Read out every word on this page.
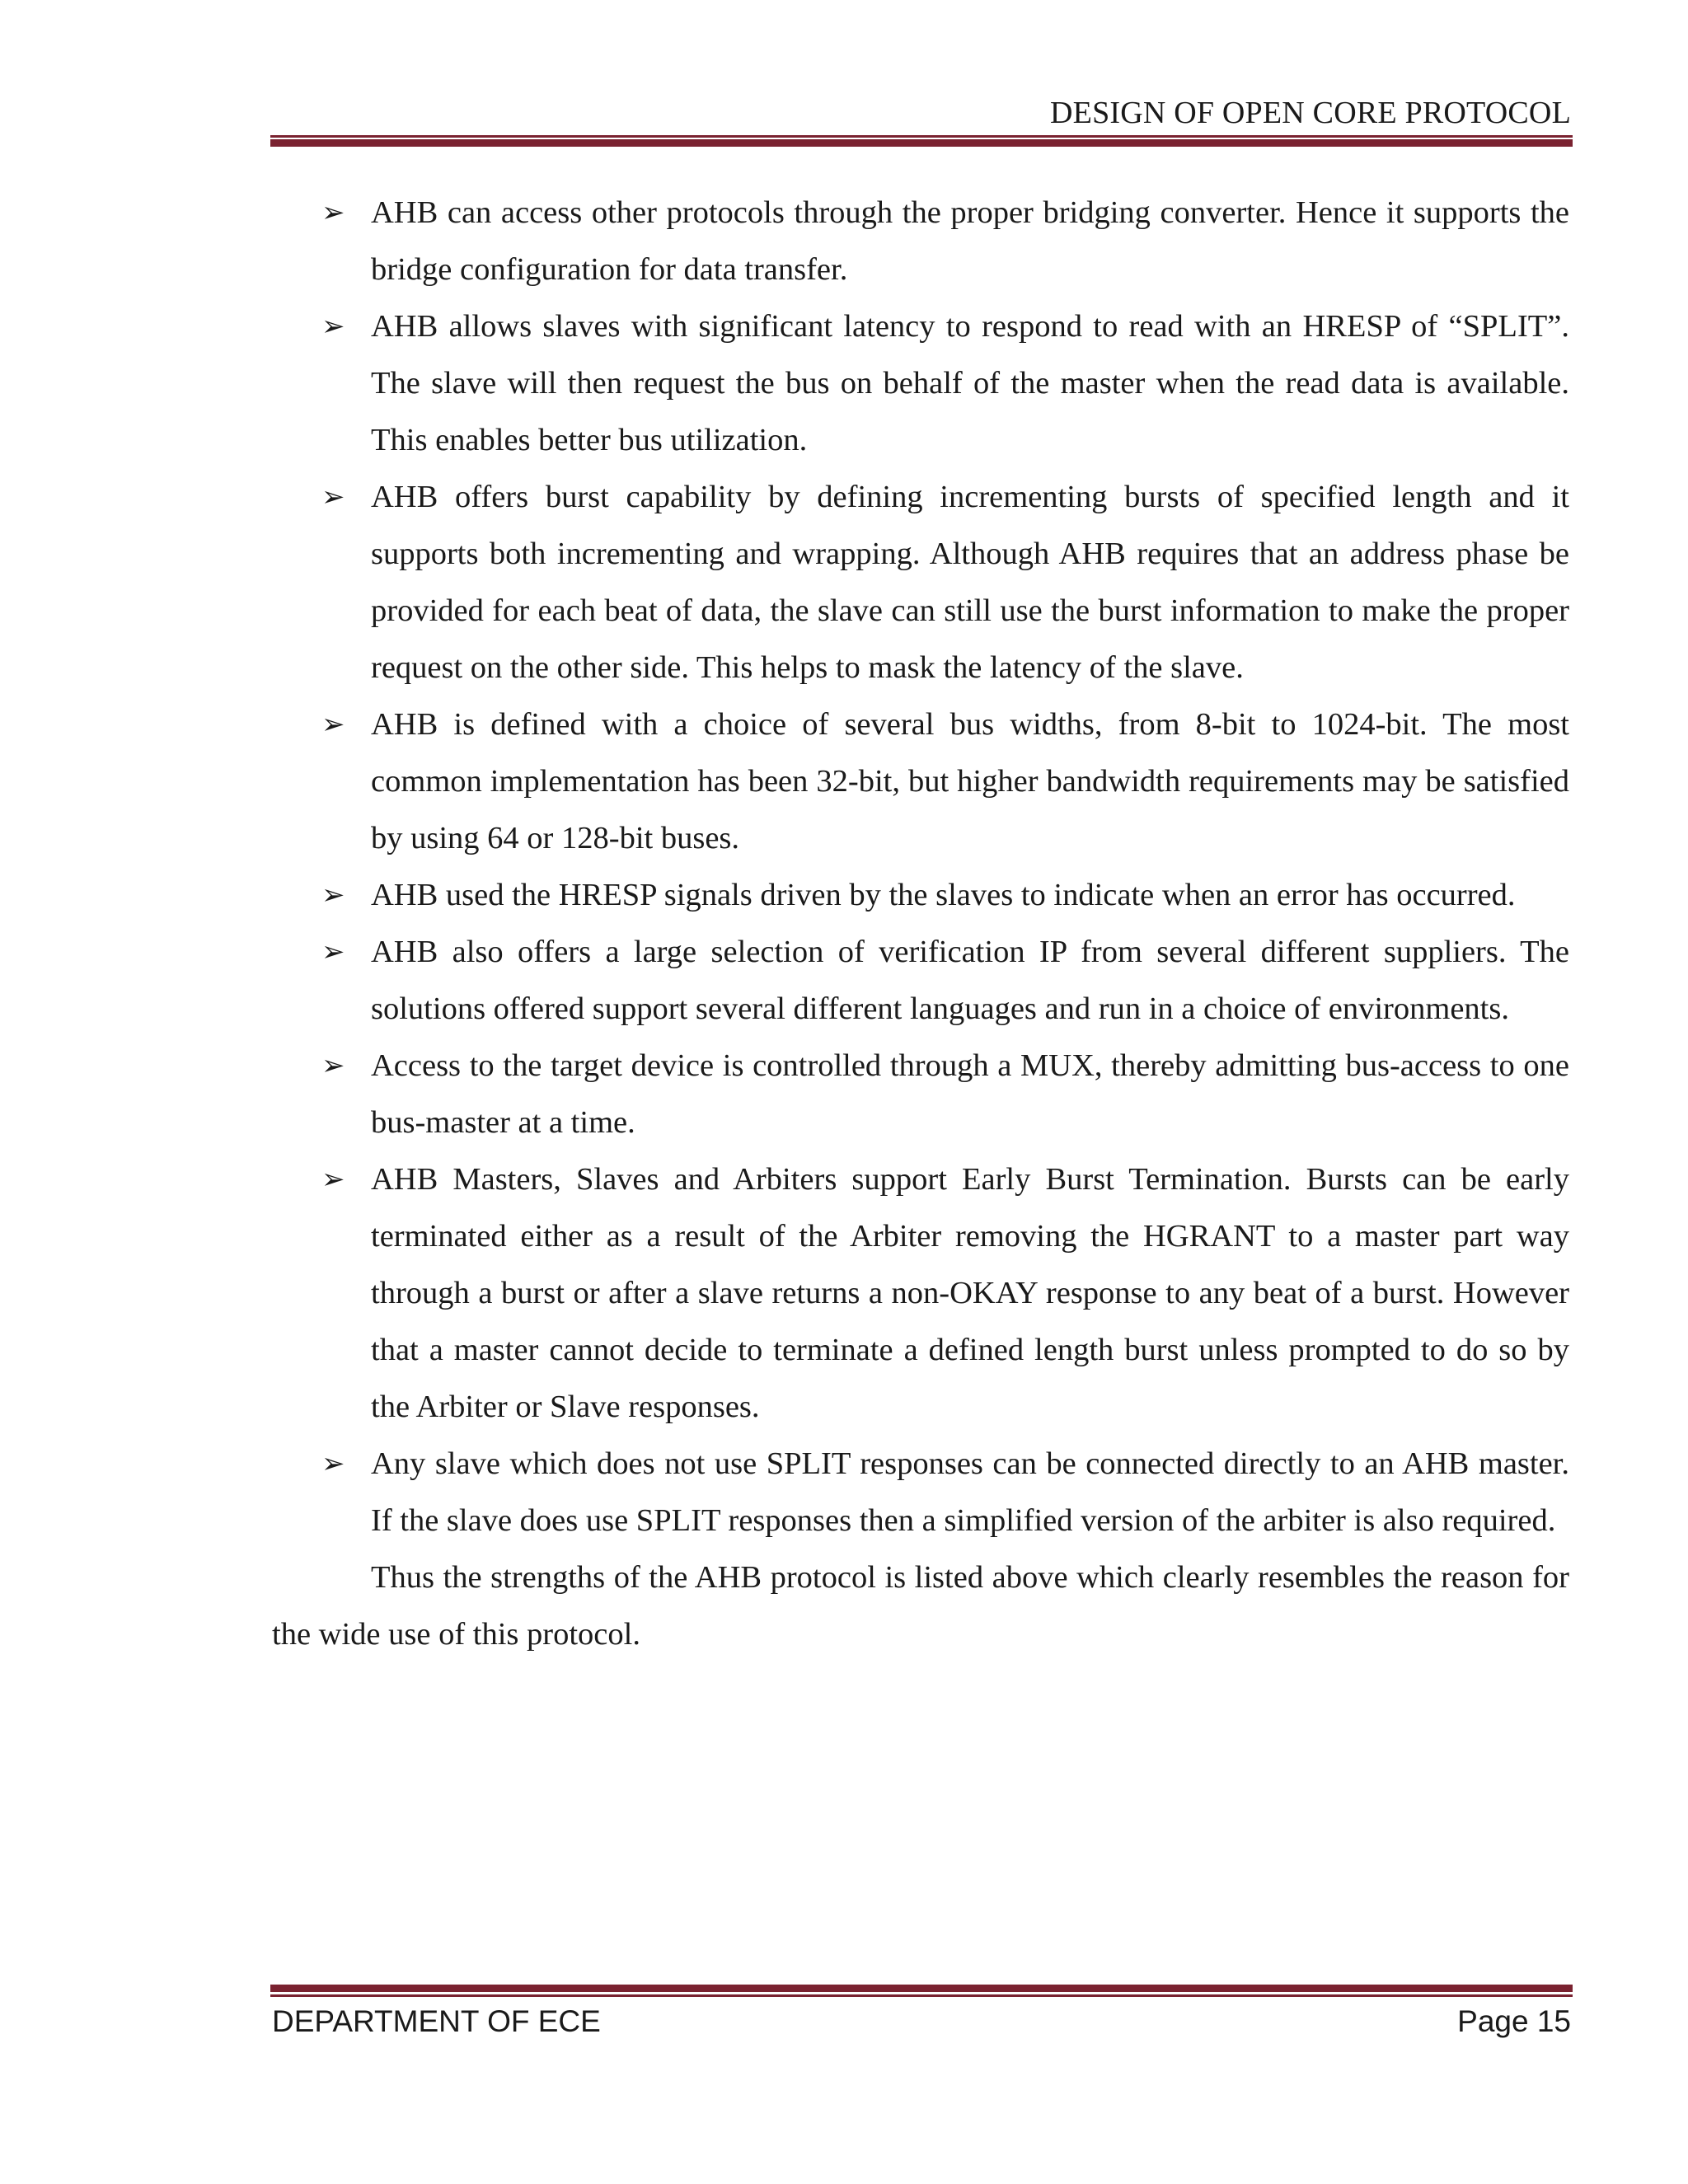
DESIGN OF OPEN CORE PROTOCOL
➢ AHB can access other protocols through the proper bridging converter. Hence it supports the bridge configuration for data transfer.
➢ AHB allows slaves with significant latency to respond to read with an HRESP of “SPLIT”. The slave will then request the bus on behalf of the master when the read data is available. This enables better bus utilization.
➢ AHB offers burst capability by defining incrementing bursts of specified length and it supports both incrementing and wrapping. Although AHB requires that an address phase be provided for each beat of data, the slave can still use the burst information to make the proper request on the other side. This helps to mask the latency of the slave.
➢ AHB is defined with a choice of several bus widths, from 8-bit to 1024-bit. The most common implementation has been 32-bit, but higher bandwidth requirements may be satisfied by using 64 or 128-bit buses.
➢ AHB used the HRESP signals driven by the slaves to indicate when an error has occurred.
➢ AHB also offers a large selection of verification IP from several different suppliers. The solutions offered support several different languages and run in a choice of environments.
➢ Access to the target device is controlled through a MUX, thereby admitting bus-access to one bus-master at a time.
➢ AHB Masters, Slaves and Arbiters support Early Burst Termination. Bursts can be early terminated either as a result of the Arbiter removing the HGRANT to a master part way through a burst or after a slave returns a non-OKAY response to any beat of a burst. However that a master cannot decide to terminate a defined length burst unless prompted to do so by the Arbiter or Slave responses.
➢ Any slave which does not use SPLIT responses can be connected directly to an AHB master. If the slave does use SPLIT responses then a simplified version of the arbiter is also required.

Thus the strengths of the AHB protocol is listed above which clearly resembles the reason for the wide use of this protocol.

DEPARTMENT OF ECE	Page 15
